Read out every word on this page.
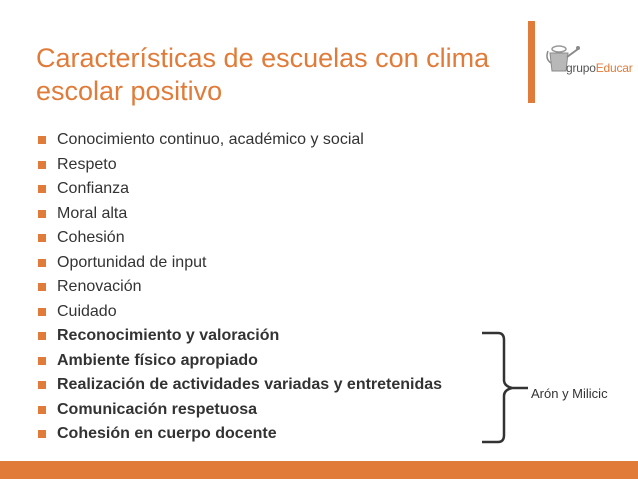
Características de escuelas con clima escolar positivo
grupoEducar
Conocimiento continuo, académico y social
Respeto
Confianza
Moral alta
Cohesión
Oportunidad de input
Renovación
Cuidado
Reconocimiento y valoración
Ambiente físico apropiado
Realización de actividades variadas y entretenidas
Comunicación respetuosa
Cohesión en cuerpo docente
Arón y Milicic
